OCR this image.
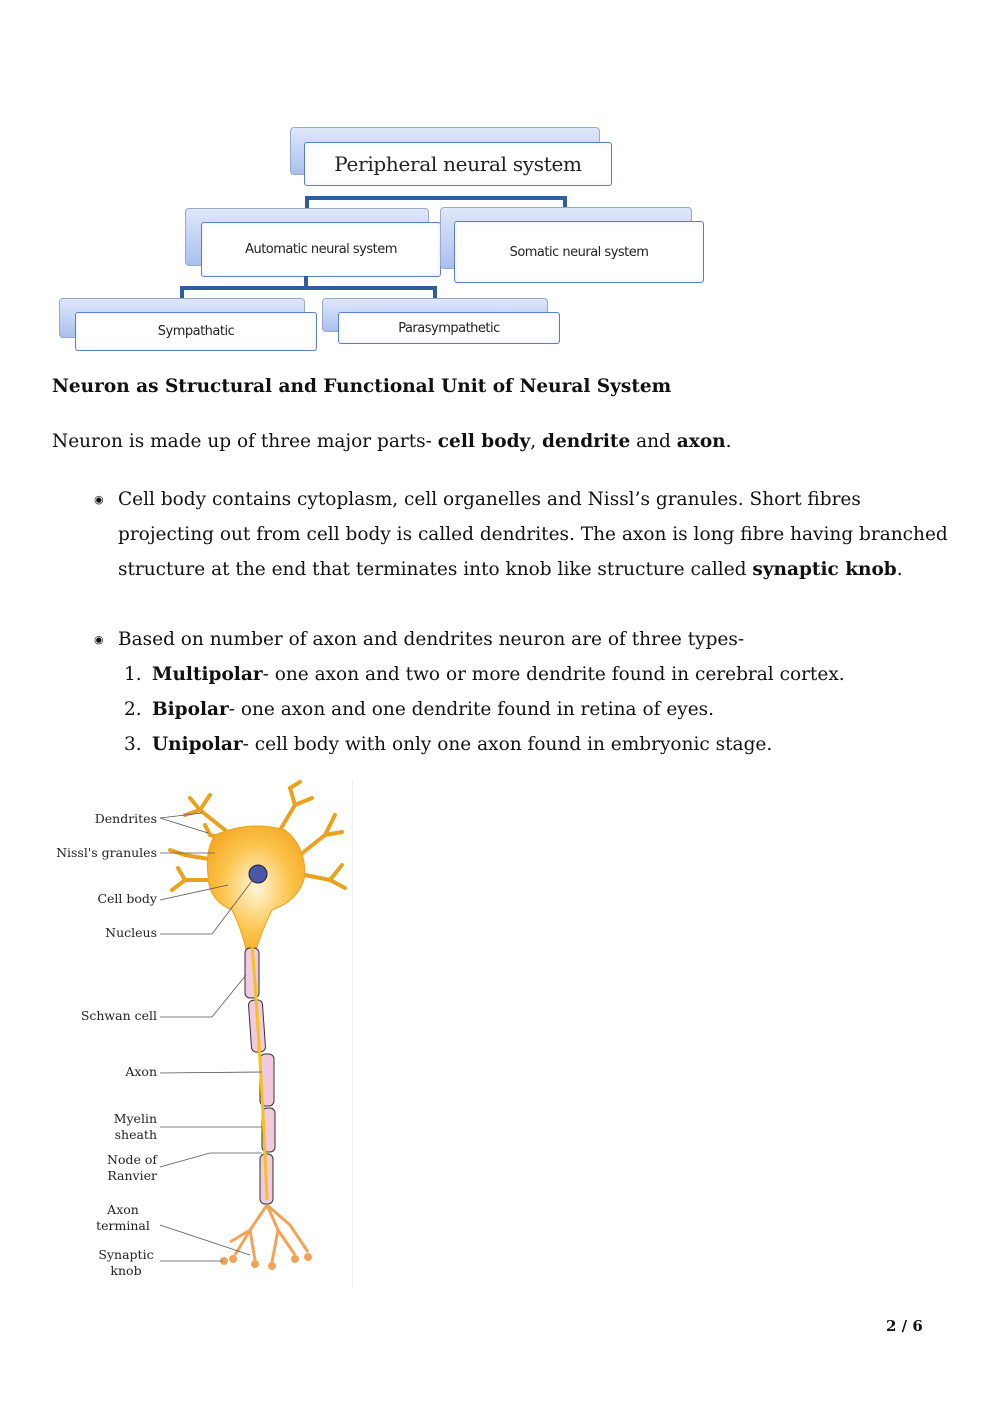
Peripheral neural system
Automatic neural system	Somatic neural system
Sympathatic	Parasympathetic
Neuron as Structural and Functional Unit of Neural System
Neuron is made up of three major parts- cell body, dendrite and axon.
◉ Cell body contains cytoplasm, cell organelles and Nissl’s granules. Short fibres projecting out from cell body is called dendrites. The axon is long fibre having branched structure at the end that terminates into knob like structure called synaptic knob.
◉ Based on number of axon and dendrites neuron are of three types-
1. Multipolar- one axon and two or more dendrite found in cerebral cortex.
2. Bipolar- one axon and one dendrite found in retina of eyes.
3. Unipolar- cell body with only one axon found in embryonic stage.
Dendrites
Nissl's granules
Cell body
Nucleus
Schwan cell
Axon
Myelin
sheath
Node of
Ranvier
Axon
terminal
Synaptic
knob
2 / 6
